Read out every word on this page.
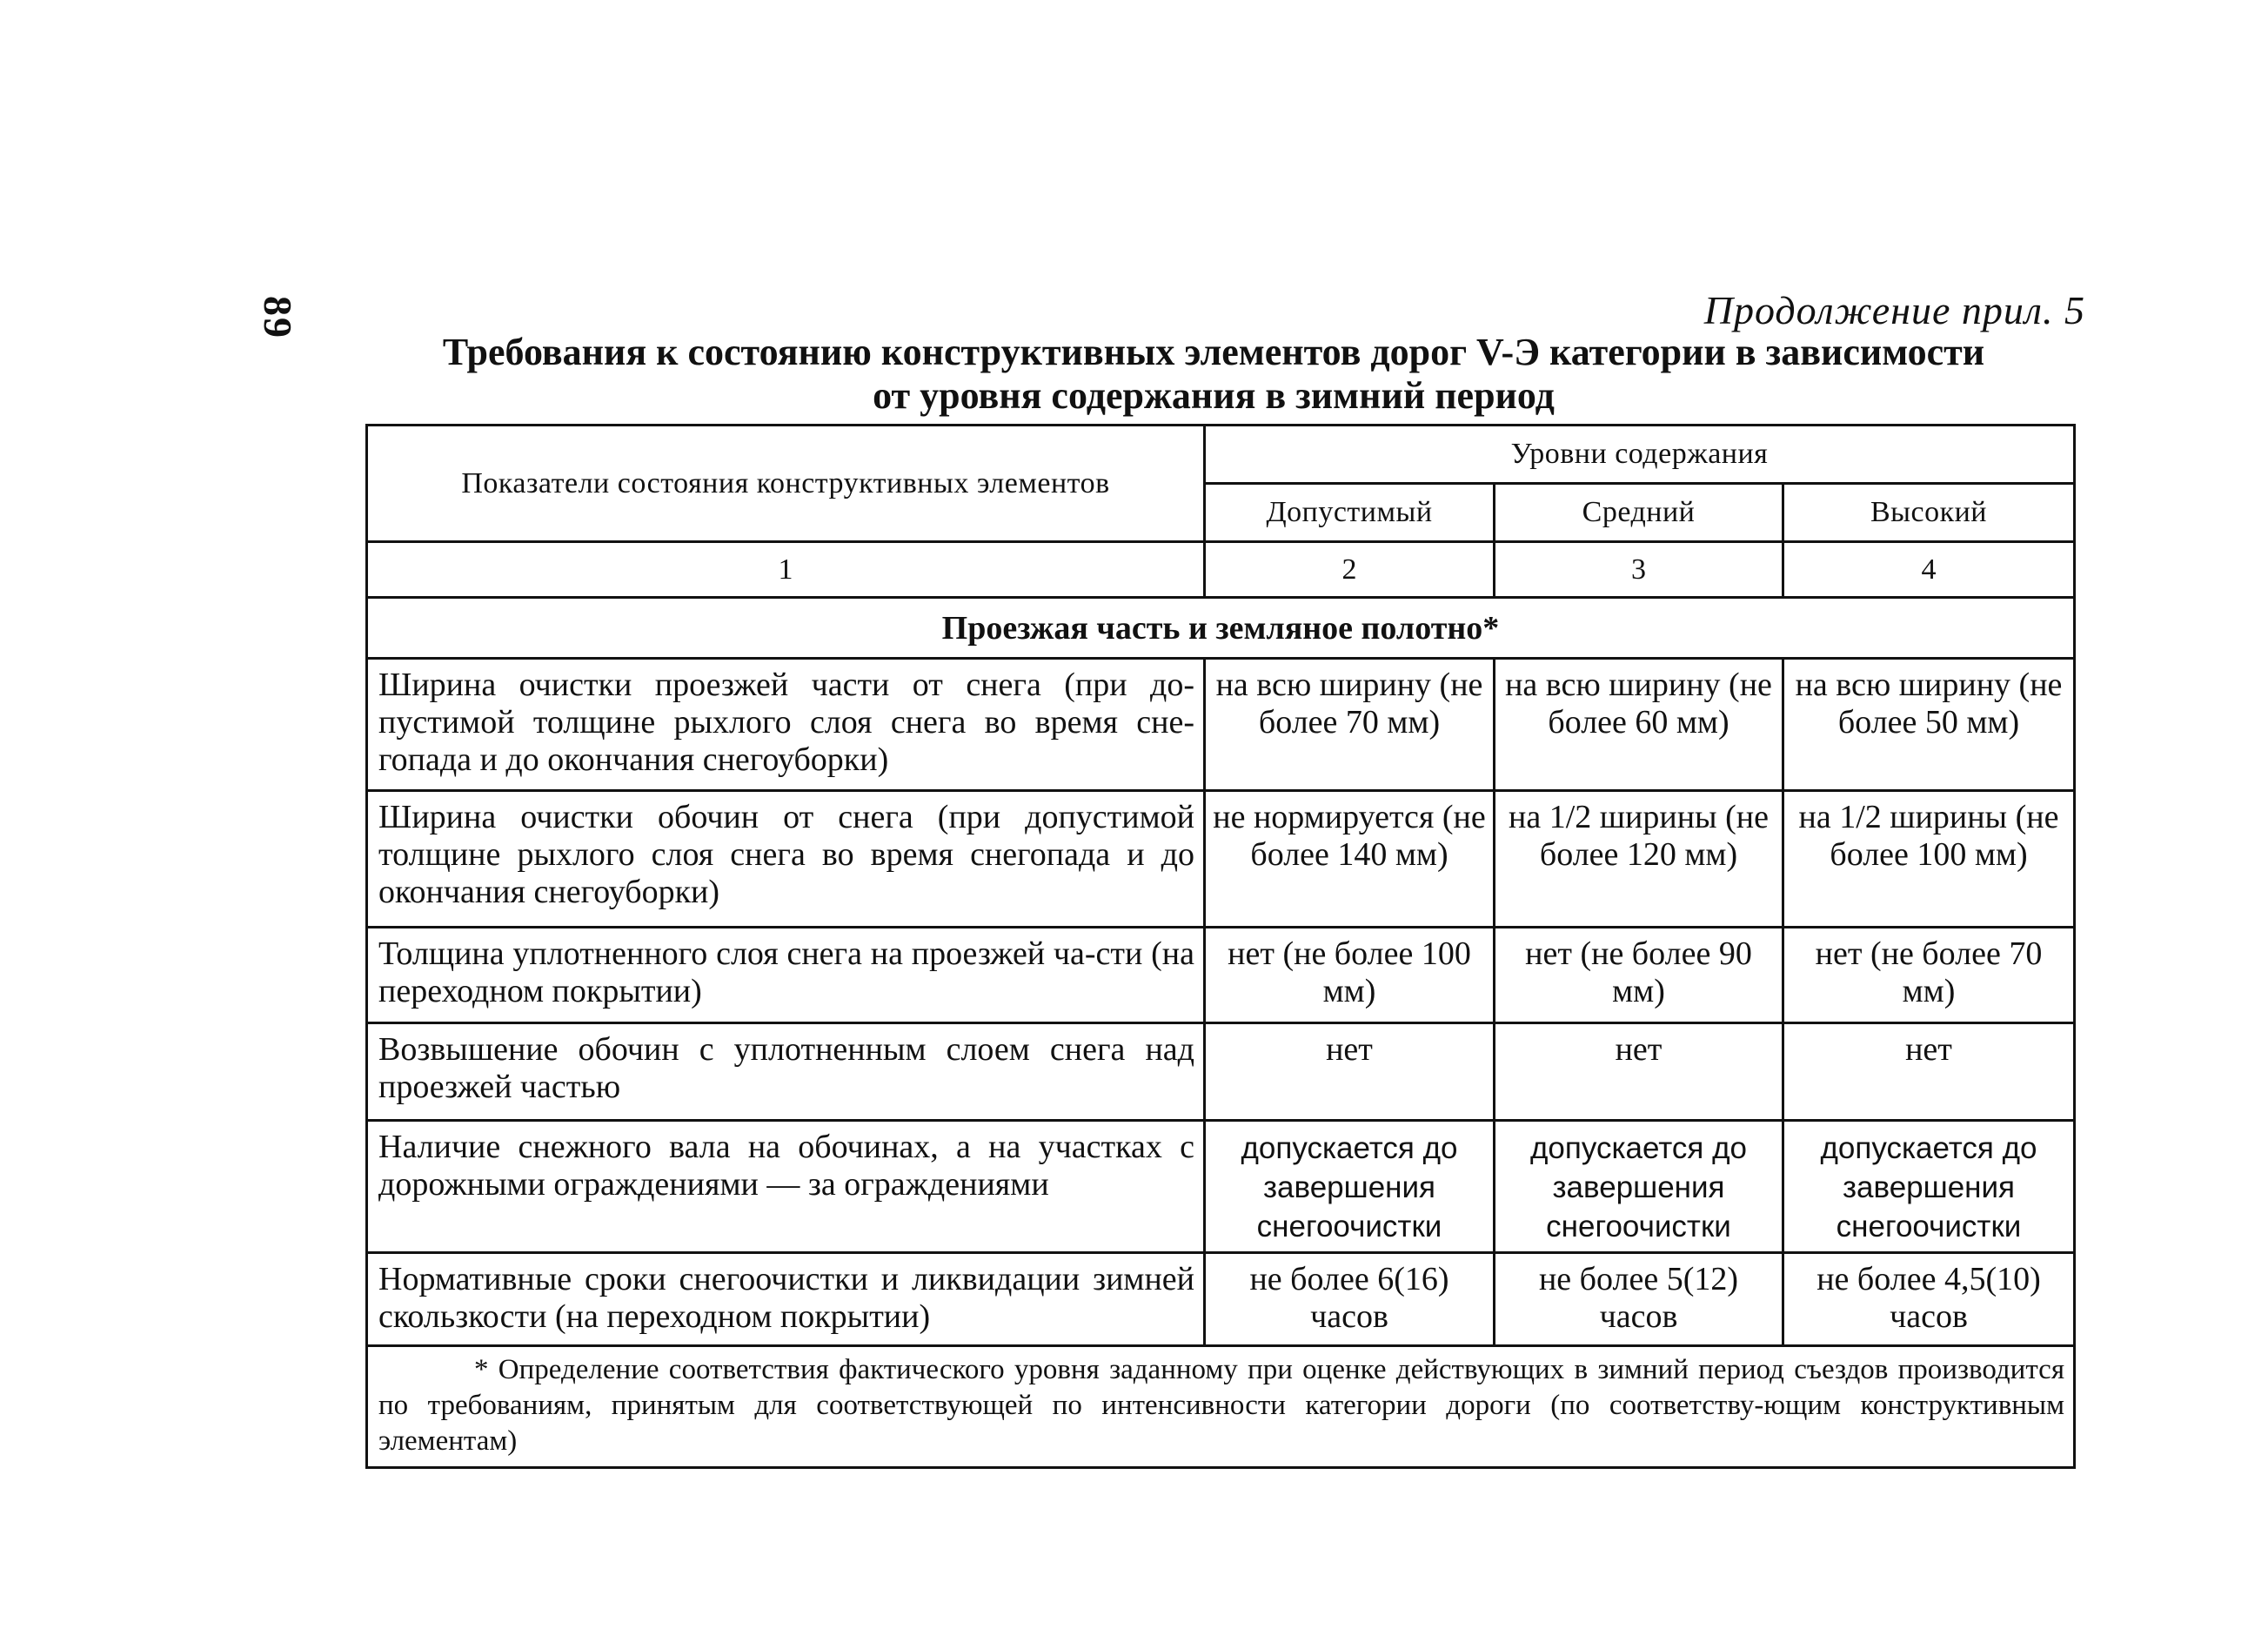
89	Продолжение прил. 5
Требования к состоянию конструктивных элементов дорог V-Э категории в зависимости
от уровня содержания в зимний период
Показатели состояния конструктивных элементов	Уровни содержания		
	Допустимый	Средний	Высокий
1	2	3	4
Проезжая часть и земляное полотно*			
Ширина очистки проезжей части от снега (при до-пустимой толщине рыхлого слоя снега во время сне-гопада и до окончания снегоуборки)	на всю ширину (не более 70 мм)	на всю ширину (не более 60 мм)	на всю ширину (не более 50 мм)
Ширина очистки обочин от снега (при допустимой толщине рыхлого слоя снега во время снегопада и до окончания снегоуборки)	не нормируется (не более 140 мм)	на 1/2 ширины (не более 120 мм)	на 1/2 ширины (не более 100 мм)
Толщина уплотненного слоя снега на проезжей ча-сти (на переходном покрытии)	нет (не более 100 мм)	нет (не более 90 мм)	нет (не более 70 мм)
Возвышение обочин с уплотненным слоем снега над проезжей частью	нет	нет	нет
Наличие снежного вала на обочинах, а на участках с дорожными ограждениями — за ограждениями	допускается до завершения снегоочистки	допускается до завершения снегоочистки	допускается до завершения снегоочистки
Нормативные сроки снегоочистки и ликвидации зимней скользкости (на переходном покрытии)	не более 6(16) часов	не более 5(12) часов	не более 4,5(10) часов
* Определение соответствия фактического уровня заданному при оценке действующих в зимний период съездов производится по требованиям, принятым для соответствующей по интенсивности категории дороги (по соответству-ющим конструктивным элементам)			
